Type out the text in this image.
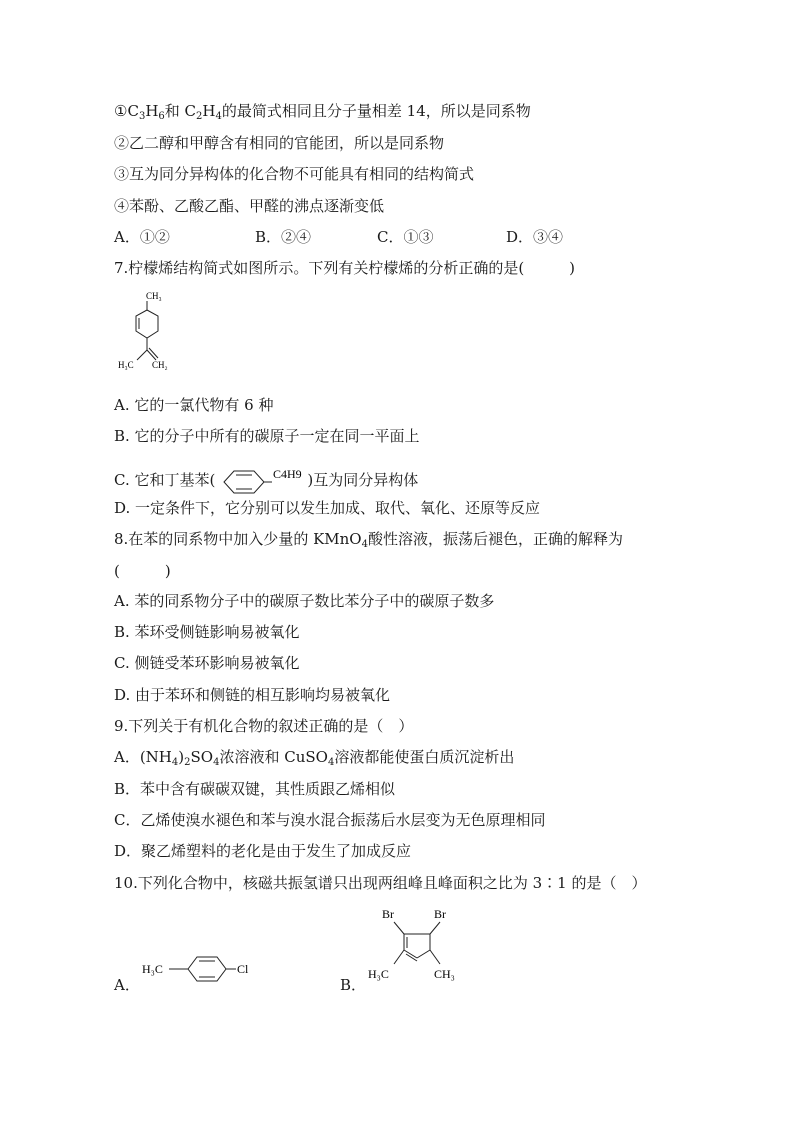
$①C_3H_6$和 $C_2H_4$的最简式相同且分子量相差 14，所以是同系物
②乙二醇和甲醇含有相同的官能团，所以是同系物
③互为同分异构体的化合物不可能具有相同的结构简式
④苯酚、乙酸乙酯、甲醛的沸点逐渐变低
A．①②	B．②④	C．①③	D．③④
7.柠檬烯结构简式如图所示。下列有关柠檬烯的分析正确的是(　　　)
CH₃
H₃C CH₂
A. 它的一氯代物有 6 种
B. 它的分子中所有的碳原子一定在同一平面上
C. 它和丁基苯(	C4H9 )互为同分异构体
D. 一定条件下，它分别可以发生加成、取代、氧化、还原等反应
8.在苯的同系物中加入少量的 KMnO$_4$酸性溶液，振荡后褪色，正确的解释为
(　　　)
A. 苯的同系物分子中的碳原子数比苯分子中的碳原子数多
B. 苯环受侧链影响易被氧化
C. 侧链受苯环影响易被氧化
D. 由于苯环和侧链的相互影响均易被氧化
9.下列关于有机化合物的叙述正确的是（　）
A．$(NH_4)_2SO_4$浓溶液和 CuSO$_4$溶液都能使蛋白质沉淀析出
B．苯中含有碳碳双键，其性质跟乙烯相似
C．乙烯使溴水褪色和苯与溴水混合振荡后水层变为无色原理相同
D．聚乙烯塑料的老化是由于发生了加成反应
10.下列化合物中，核磁共振氢谱只出现两组峰且峰面积之比为 3∶1 的是（　）
A．
H₃C	Cl
B．
Br	Br
H₃C	CH₃
